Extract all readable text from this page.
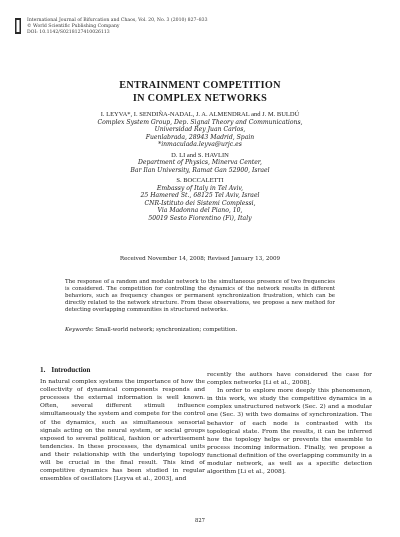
International Journal of Bifurcation and Chaos, Vol. 20, No. 3 (2010) 827–833
© World Scientific Publishing Company
DOI: 10.1142/S0218127410026113

ENTRAINMENT COMPETITION

IN COMPLEX NETWORKS

I. LEYVA*, I. SENDIÑA-NADAL, J. A. ALMENDRAL and J. M. BULDÚ
Complex System Group, Dep. Signal Theory and Communications,
Universidad Rey Juan Carlos,
Fuenlabrada, 28943 Madrid, Spain
*inmaculada.leyva@urjc.es
D. LI and S. HAVLIN
Department of Physics, Minerva Center,
Bar Ilan University, Ramat Gan 52900, Israel
S. BOCCALETTI
Embassy of Italy in Tel Aviv,
25 Hamered St., 68125 Tel Aviv, Israel
CNR-Istituto dei Sistemi Complessi,
Via Madonna del Piano, 10,
50019 Sesto Fiorentino (Fi), Italy
Received November 14, 2008; Revised January 13, 2009
The response of a random and modular network to the simultaneous presence of two frequencies is considered. The competition for controlling the dynamics of the network results in different behaviors, such as frequency changes or permanent synchronization frustration, which can be directly related to the network structure. From these observations, we propose a new method for detecting overlapping communities in structured networks.
Keywords: Small-world network; synchronization; competition.
1. Introduction

In natural complex systems the importance of how the collectivity of dynamical components responds and processes the external information is well known. Often, several different stimuli influence simultaneously the system and compete for the control of the dynamics, such as simultaneous sensorial signals acting on the neural system, or social groups exposed to several political, fashion or advertisement tendencies. In these processes, the dynamical units and their relationship with the underlying topology will be crucial in the final result. This kind of competitive dynamics has been studied in regular ensembles of oscillators [Leyva et al., 2003], and

recently the authors have considered the case for complex networks [Li et al., 2008].

In order to explore more deeply this phenomenon, in this work, we study the competitive dynamics in a complex unstructured network (Sec. 2) and a modular one (Sec. 3) with two domains of synchronization. The behavior of each node is contrasted with its topological state. From the results, it can be inferred how the topology helps or prevents the ensemble to process incoming information. Finally, we propose a functional definition of the overlapping community in a modular network, as well as a specific detection algorithm [Li et al., 2008].

827
